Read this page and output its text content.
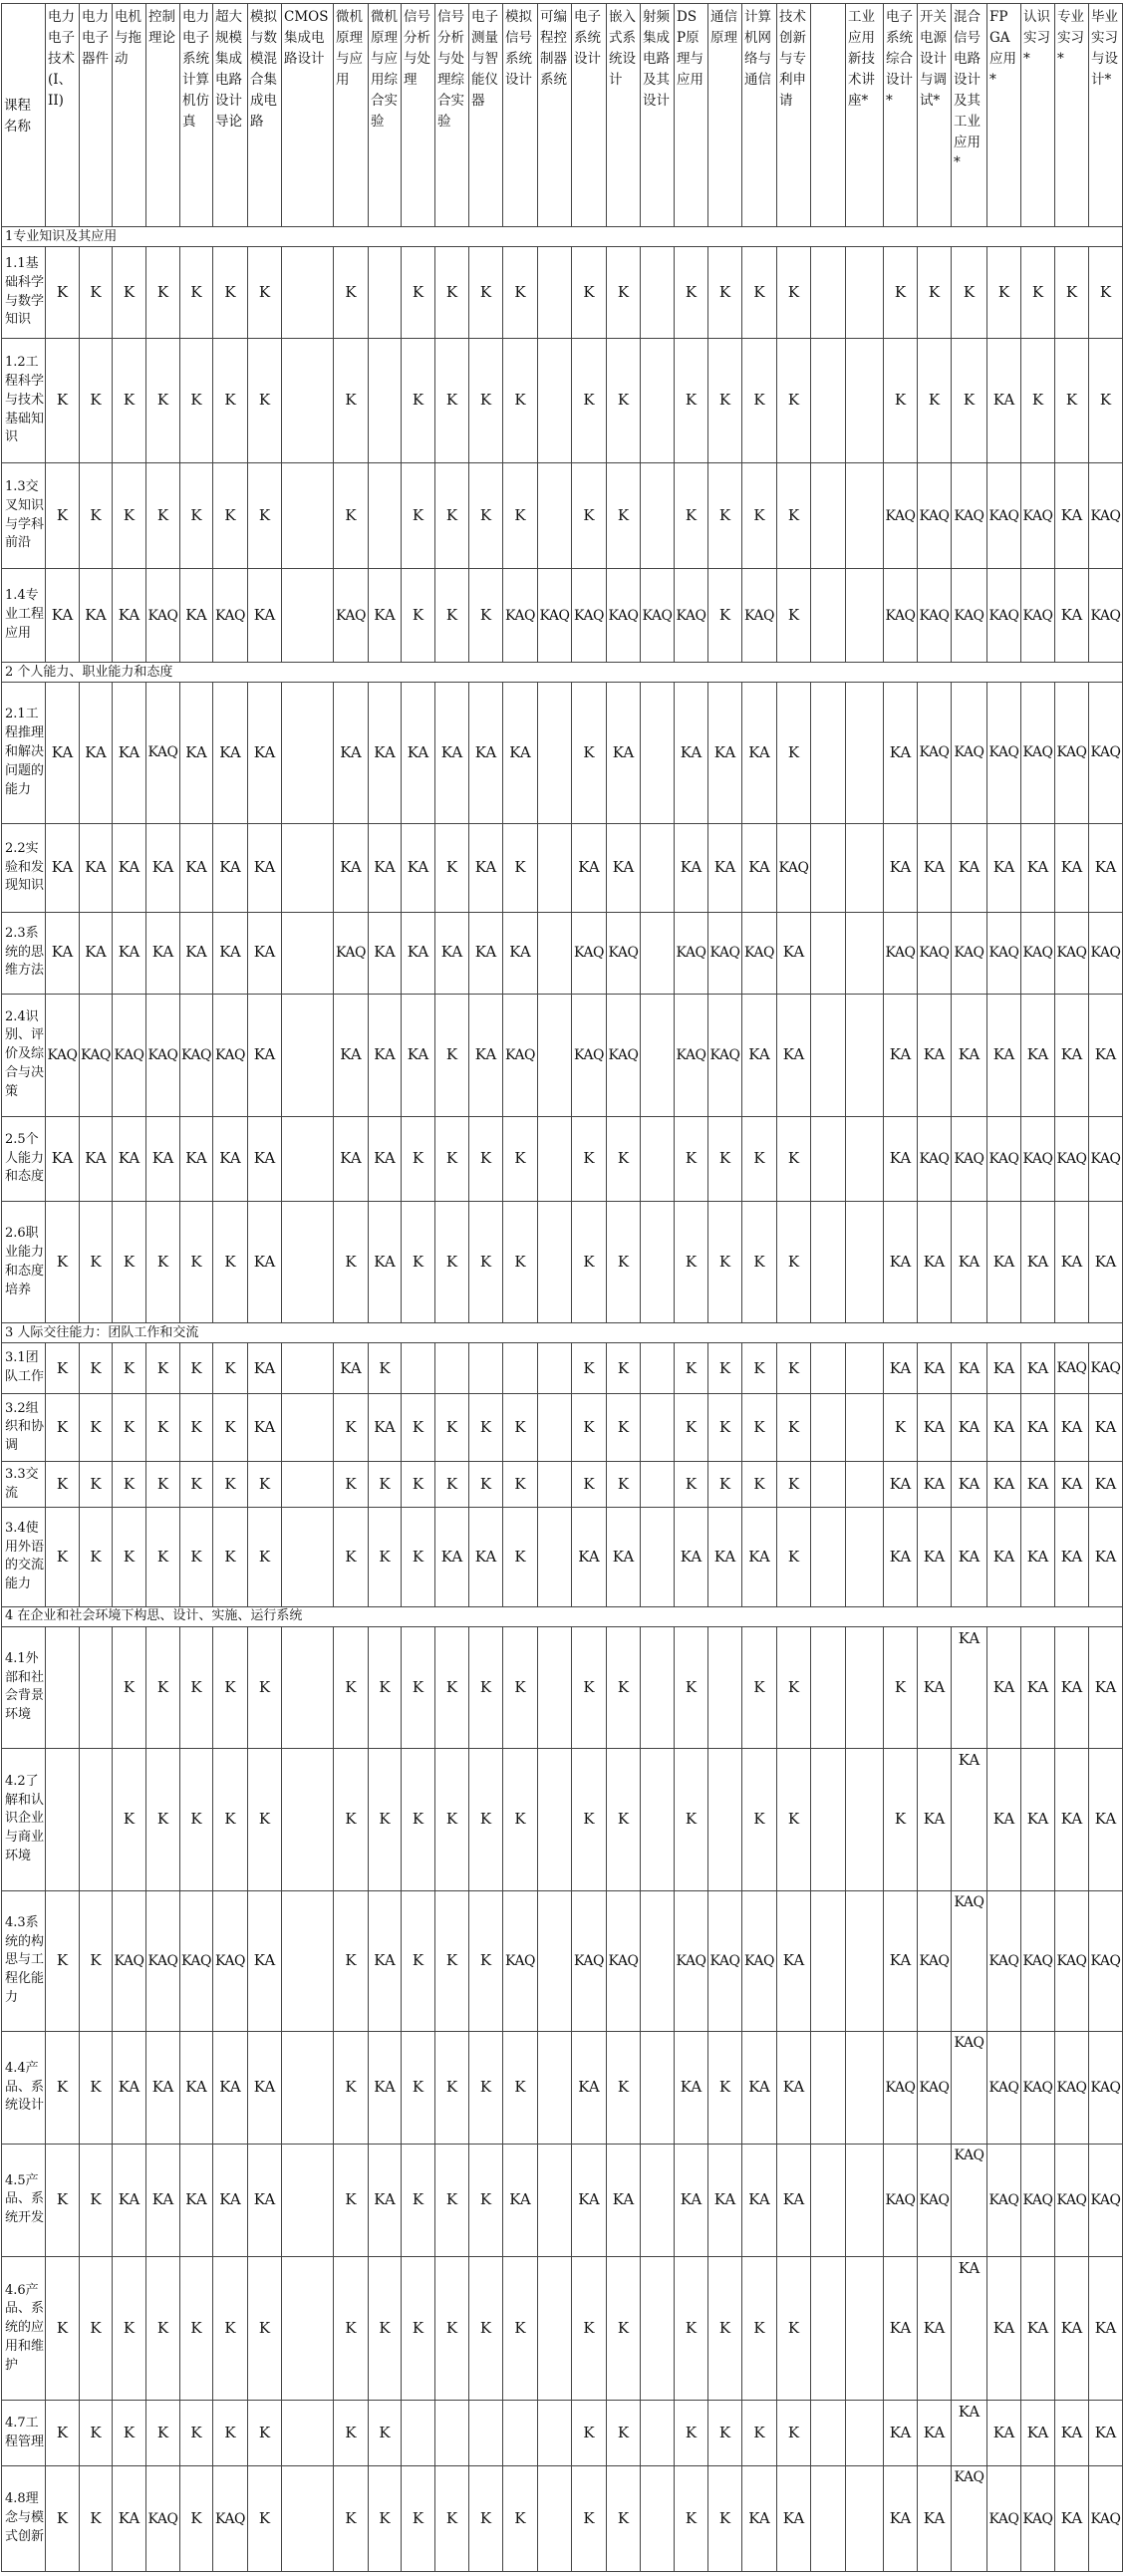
课程名称	电力电子技术(I、II)	电力电子器件	电机与拖动	控制理论	电力电子系统计算机仿真	超大规模集成电路设计导论	模拟与数模混合集成电路	CMOS集成电路设计	微机原理与应用	微机原理与应用综合实验	信号分析与处理	信号分析与处理综合实验	电子测量与智能仪器	模拟信号系统设计	可编程控制器系统	电子系统设计	嵌入式系统设计	射频集成电路及其设计	DSP原理与应用	通信原理	计算机网络与通信	技术创新与专利申请		工业应用新技术讲座*	电子系统综合设计*	开关电源设计与调试*	混合信号电路设计及其工业应用*	FPGA应用*	认识实习*	专业实习*	毕业实习与设计*
1专业知识及其应用																															
1.1基础科学与数学知识	K	K	K	K	K	K	K		K		K	K	K	K		K	K		K	K	K	K			K	K	K	K	K	K	K
1.2工程科学与技术基础知识	K	K	K	K	K	K	K		K		K	K	K	K		K	K		K	K	K	K			K	K	K	KA	K	K	K
1.3交叉知识与学科前沿	K	K	K	K	K	K	K		K		K	K	K	K		K	K		K	K	K	K			KAQ	KAQ	KAQ	KAQ	KAQ	KA	KAQ
1.4专业工程应用	KA	KA	KA	KAQ	KA	KAQ	KA		KAQ	KA	K	K	K	KAQ	KAQ	KAQ	KAQ	KAQ	KAQ	K	KAQ	K			KAQ	KAQ	KAQ	KAQ	KAQ	KA	KAQ
2 个人能力、职业能力和态度																															
2.1工程推理和解决问题的能力	KA	KA	KA	KAQ	KA	KA	KA		KA	KA	KA	KA	KA	KA		K	KA		KA	KA	KA	K			KA	KAQ	KAQ	KAQ	KAQ	KAQ	KAQ
2.2实验和发现知识	KA	KA	KA	KA	KA	KA	KA		KA	KA	KA	K	KA	K		KA	KA		KA	KA	KA	KAQ			KA	KA	KA	KA	KA	KA	KA
2.3系统的思维方法	KA	KA	KA	KA	KA	KA	KA		KAQ	KA	KA	KA	KA	KA		KAQ	KAQ		KAQ	KAQ	KAQ	KA			KAQ	KAQ	KAQ	KAQ	KAQ	KAQ	KAQ
2.4识别、评价及综合与决策	KAQ	KAQ	KAQ	KAQ	KAQ	KAQ	KA		KA	KA	KA	K	KA	KAQ		KAQ	KAQ		KAQ	KAQ	KA	KA			KA	KA	KA	KA	KA	KA	KA
2.5个人能力和态度	KA	KA	KA	KA	KA	KA	KA		KA	KA	K	K	K	K		K	K		K	K	K	K			KA	KAQ	KAQ	KAQ	KAQ	KAQ	KAQ
2.6职业能力和态度培养	K	K	K	K	K	K	KA		K	KA	K	K	K	K		K	K		K	K	K	K			KA	KA	KA	KA	KA	KA	KA
3 人际交往能力：团队工作和交流																															
3.1团队工作	K	K	K	K	K	K	KA		KA	K						K	K		K	K	K	K			KA	KA	KA	KA	KA	KAQ	KAQ
3.2组织和协调	K	K	K	K	K	K	KA		K	KA	K	K	K	K		K	K		K	K	K	K			K	KA	KA	KA	KA	KA	KA
3.3交流	K	K	K	K	K	K	K		K	K	K	K	K	K		K	K		K	K	K	K			KA	KA	KA	KA	KA	KA	KA
3.4使用外语的交流能力	K	K	K	K	K	K	K		K	K	K	KA	KA	K		KA	KA		KA	KA	KA	K			KA	KA	KA	KA	KA	KA	KA
4 在企业和社会环境下构思、设计、实施、运行系统																															
4.1外部和社会背景环境			K	K	K	K	K		K	K	K	K	K	K		K	K		K		K	K			K	KA	KA	KA	KA	KA	KA
4.2了解和认识企业与商业环境			K	K	K	K	K		K	K	K	K	K	K		K	K		K		K	K			K	KA	KA	KA	KA	KA	KA
4.3系统的构思与工程化能力	K	K	KAQ	KAQ	KAQ	KAQ	KA		K	KA	K	K	K	KAQ		KAQ	KAQ		KAQ	KAQ	KAQ	KA			KA	KAQ	KAQ	KAQ	KAQ	KAQ	KAQ
4.4产品、系统设计	K	K	KA	KA	KA	KA	KA		K	KA	K	K	K	K		KA	K		KA	K	KA	KA			KAQ	KAQ	KAQ	KAQ	KAQ	KAQ	KAQ
4.5产品、系统开发	K	K	KA	KA	KA	KA	KA		K	KA	K	K	K	KA		KA	KA		KA	KA	KA	KA			KAQ	KAQ	KAQ	KAQ	KAQ	KAQ	KAQ
4.6产品、系统的应用和维护	K	K	K	K	K	K	K		K	K	K	K	K	K		K	K		K	K	K	K			KA	KA	KA	KA	KA	KA	KA
4.7工程管理	K	K	K	K	K	K	K		K	K						K	K		K	K	K	K			KA	KA	KA	KA	KA	KA	KA
4.8理念与模式创新	K	K	KA	KAQ	K	KAQ	K		K	K	K	K	K	K		K	K		K	K	KA	KA			KA	KA	KAQ	KAQ	KAQ	KA	KAQ
